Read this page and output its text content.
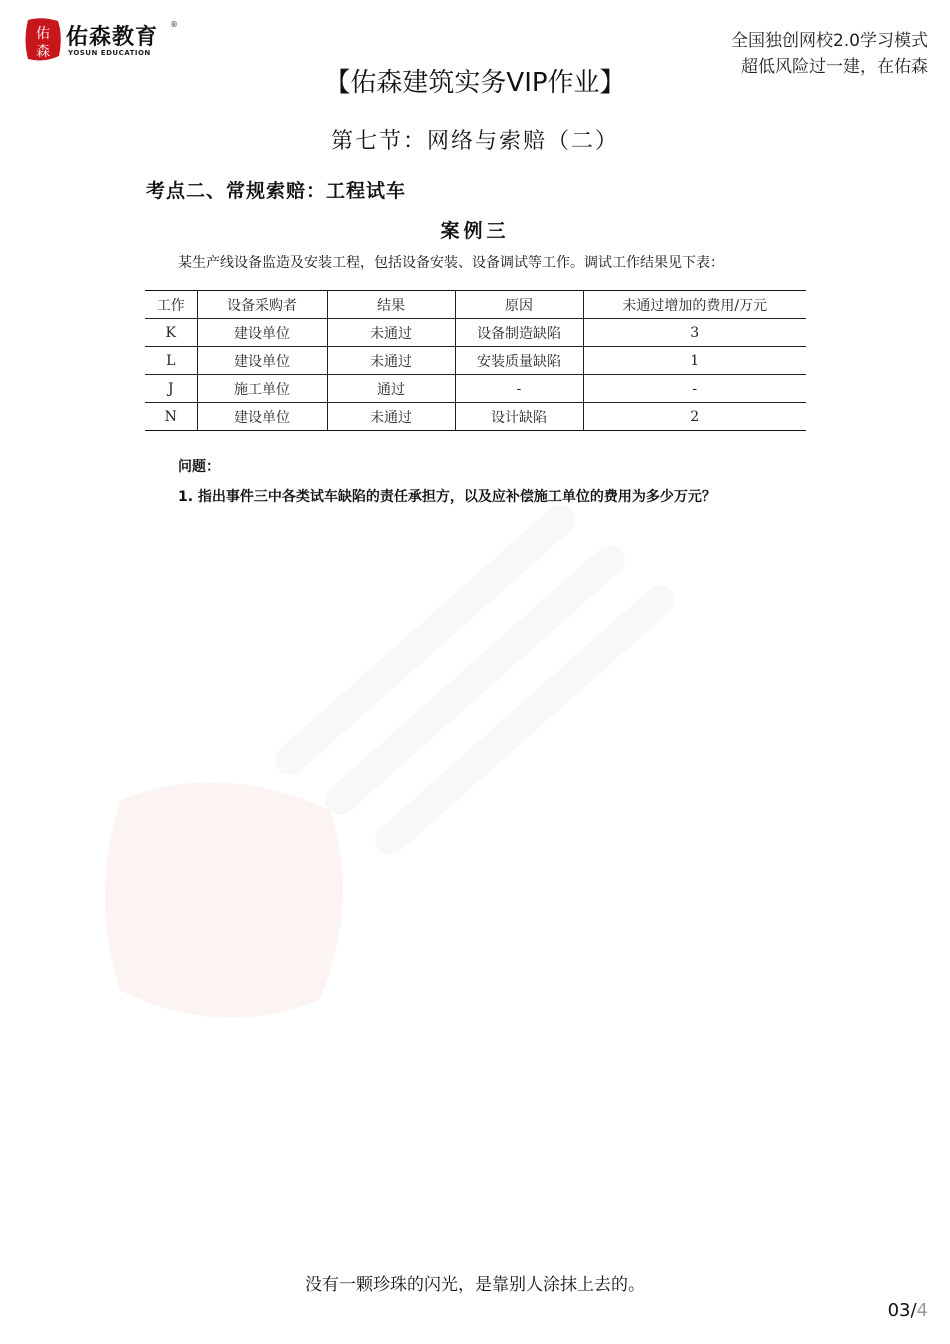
佑
森
佑森教育
YOSUN EDUCATION
®
全国独创网校2.0学习模式
超低风险过一建，在佑森
【佑森建筑实务VIP作业】
第七节：网络与索赔（二）
考点二、常规索赔：工程试车
案例三
某生产线设备监造及安装工程，包括设备安装、设备调试等工作。调试工作结果见下表：
工作	设备采购者	结果	原因	未通过增加的费用/万元
K	建设单位	未通过	设备制造缺陷	3
L	建设单位	未通过	安装质量缺陷	1
J	施工单位	通过	-	-
N	建设单位	未通过	设计缺陷	2
问题：
1. 指出事件三中各类试车缺陷的责任承担方，以及应补偿施工单位的费用为多少万元？
没有一颗珍珠的闪光，是靠别人涂抹上去的。
03/4
